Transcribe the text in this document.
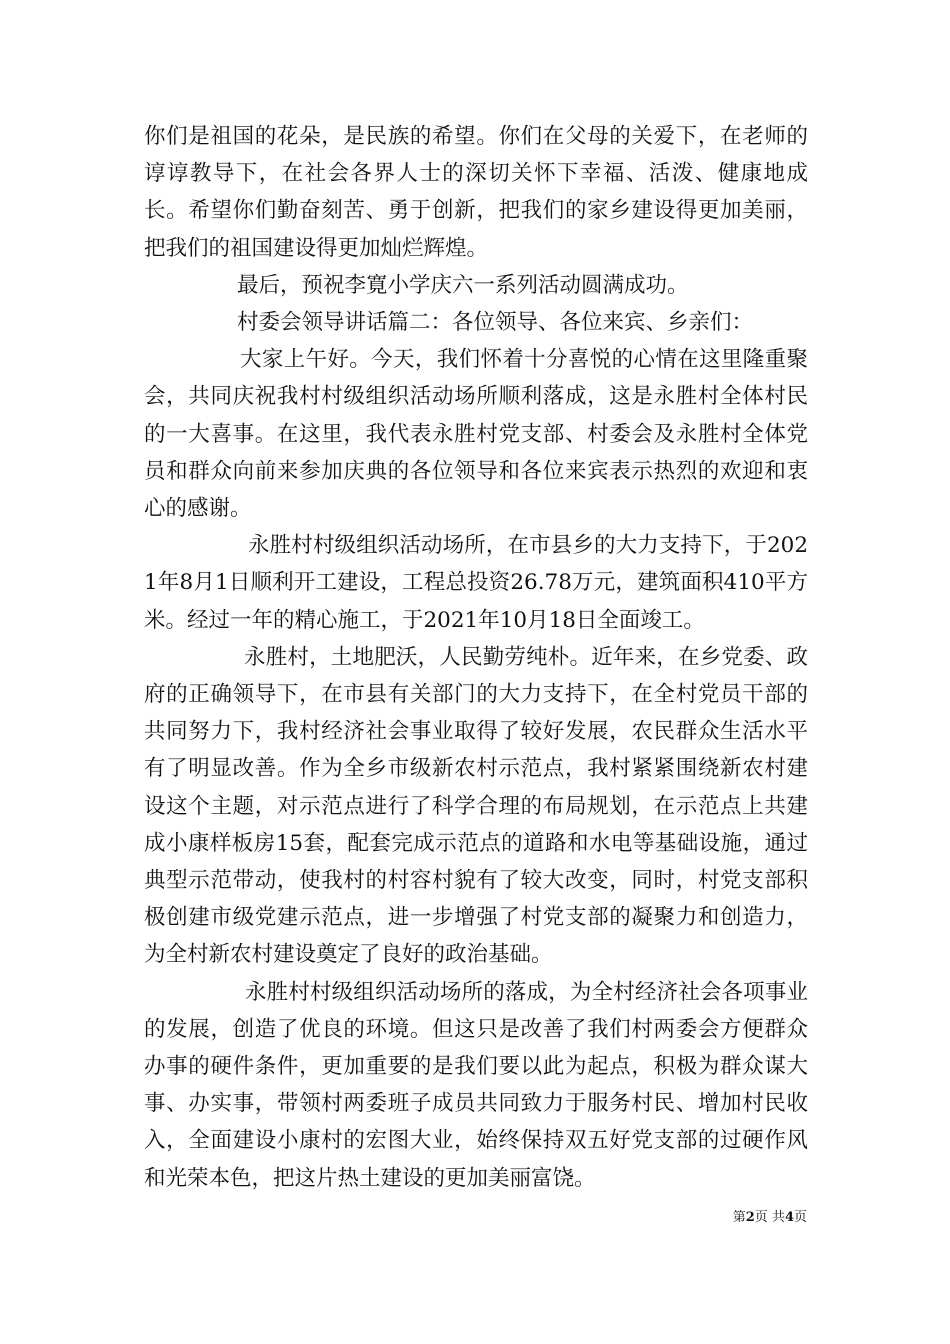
你们是祖国的花朵，是民族的希望。你们在父母的关爱下，在老师的谆谆教导下，在社会各界人士的深切关怀下幸福、活泼、健康地成长。希望你们勤奋刻苦、勇于创新，把我们的家乡建设得更加美丽，把我们的祖国建设得更加灿烂辉煌。

最后，预祝李寛小学庆六一系列活动圆满成功。

村委会领导讲话篇二：各位领导、各位来宾、乡亲们：

大家上午好。今天，我们怀着十分喜悦的心情在这里隆重聚会，共同庆祝我村村级组织活动场所顺利落成，这是永胜村全体村民的一大喜事。在这里，我代表永胜村党支部、村委会及永胜村全体党员和群众向前来参加庆典的各位领导和各位来宾表示热烈的欢迎和衷心的感谢。

永胜村村级组织活动场所，在市县乡的大力支持下，于2021年8月1日顺利开工建设，工程总投资26.78万元，建筑面积410平方米。经过一年的精心施工，于2021年10月18日全面竣工。

永胜村，土地肥沃，人民勤劳纯朴。近年来，在乡党委、政府的正确领导下，在市县有关部门的大力支持下，在全村党员干部的共同努力下，我村经济社会事业取得了较好发展，农民群众生活水平有了明显改善。作为全乡市级新农村示范点，我村紧紧围绕新农村建设这个主题，对示范点进行了科学合理的布局规划，在示范点上共建成小康样板房15套，配套完成示范点的道路和水电等基础设施，通过典型示范带动，使我村的村容村貌有了较大改变，同时，村党支部积极创建市级党建示范点，进一步增强了村党支部的凝聚力和创造力，为全村新农村建设奠定了良好的政治基础。

永胜村村级组织活动场所的落成，为全村经济社会各项事业的发展，创造了优良的环境。但这只是改善了我们村两委会方便群众办事的硬件条件，更加重要的是我们要以此为起点，积极为群众谋大事、办实事，带领村两委班子成员共同致力于服务村民、增加村民收入，全面建设小康村的宏图大业，始终保持双五好党支部的过硬作风和光荣本色，把这片热土建设的更加美丽富饶。

第2页 共4页
